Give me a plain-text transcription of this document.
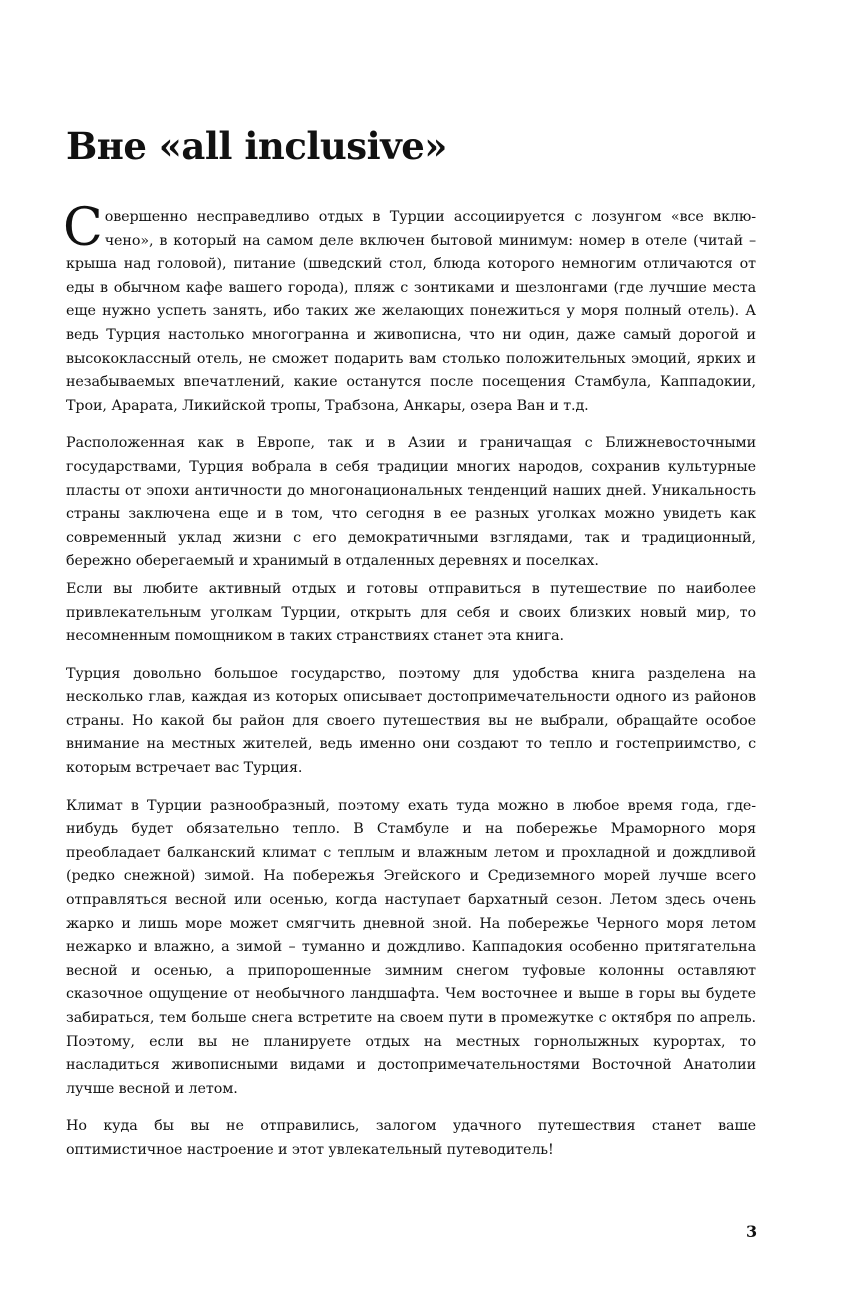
Вне «all inclusive»

Совершенно несправедливо отдых в Турции ассоциируется с лозунгом «все вклю-чено», в который на самом деле включен бытовой минимум: номер в отеле (читай – крыша над головой), питание (шведский стол, блюда которого немногим отличаются от еды в обычном кафе вашего города), пляж с зонтиками и шезлонгами (где лучшие места еще нужно успеть занять, ибо таких же желающих понежиться у моря полный отель). А ведь Турция настолько многогранна и живописна, что ни один, даже самый дорогой и высококлассный отель, не сможет подарить вам столько положительных эмоций, ярких и незабываемых впечатлений, какие останутся после посещения Стамбула, Каппадокии, Трои, Арарата, Ликийской тропы, Трабзона, Анкары, озера Ван и т.д.

Расположенная как в Европе, так и в Азии и граничащая с Ближневосточными государствами, Турция вобрала в себя традиции многих народов, сохранив культурные пласты от эпохи античности до многонациональных тенденций наших дней. Уникальность страны заключена еще и в том, что сегодня в ее разных уголках можно увидеть как современный уклад жизни с его демократичными взглядами, так и традиционный, бережно оберегаемый и хранимый в отдаленных деревнях и поселках.

Если вы любите активный отдых и готовы отправиться в путешествие по наиболее привлекательным уголкам Турции, открыть для себя и своих близких новый мир, то несомненным помощником в таких странствиях станет эта книга.

Турция довольно большое государство, поэтому для удобства книга разделена на несколько глав, каждая из которых описывает достопримечательности одного из районов страны. Но какой бы район для своего путешествия вы не выбрали, обращайте особое внимание на местных жителей, ведь именно они создают то тепло и гостеприимство, с которым встречает вас Турция.

Климат в Турции разнообразный, поэтому ехать туда можно в любое время года, где-нибудь будет обязательно тепло. В Стамбуле и на побережье Мраморного моря преобладает балканский климат с теплым и влажным летом и прохладной и дождливой (редко снежной) зимой. На побережья Эгейского и Средиземного морей лучше всего отправляться весной или осенью, когда наступает бархатный сезон. Летом здесь очень жарко и лишь море может смягчить дневной зной. На побережье Черного моря летом нежарко и влажно, а зимой – туманно и дождливо. Каппадокия особенно притягательна весной и осенью, а припорошенные зимним снегом туфовые колонны оставляют сказочное ощущение от необычного ландшафта. Чем восточнее и выше в горы вы будете забираться, тем больше снега встретите на своем пути в промежутке с октября по апрель. Поэтому, если вы не планируете отдых на местных горнолыжных курортах, то насладиться живописными видами и достопримечательностями Восточной Анатолии лучше весной и летом.

Но куда бы вы не отправились, залогом удачного путешествия станет ваше оптимистичное настроение и этот увлекательный путеводитель!

3
